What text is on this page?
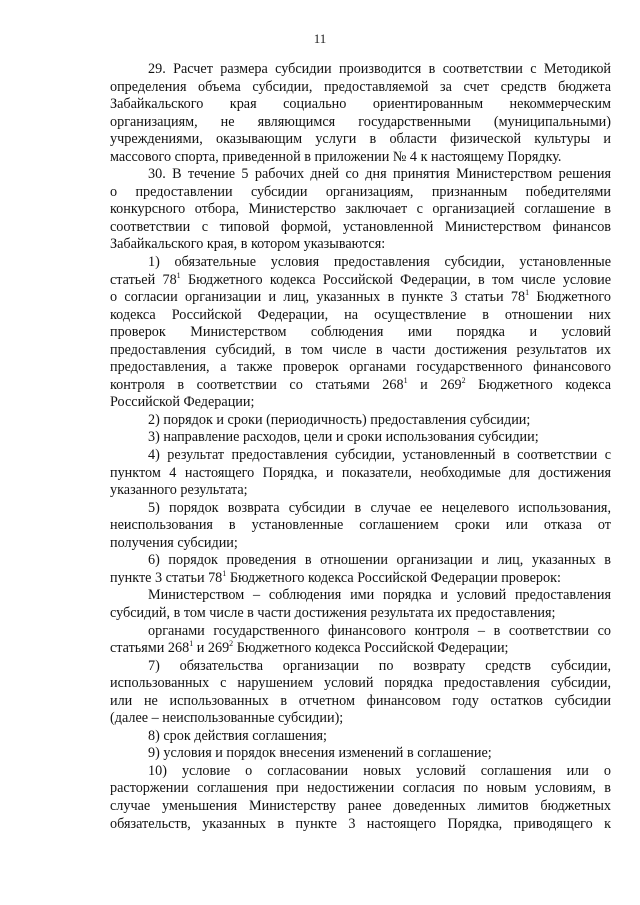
11
29. Расчет размера субсидии производится в соответствии с Методикой
определения объема субсидии, предоставляемой за счет средств бюджета
Забайкальского края социально ориентированным некоммерческим
организациям, не являющимся государственными (муниципальными)
учреждениями, оказывающим услуги в области физической культуры и
массового спорта, приведенной в приложении № 4 к настоящему Порядку.
30. В течение 5 рабочих дней со дня принятия Министерством решения
о предоставлении субсидии организациям, признанным победителями
конкурсного отбора, Министерство заключает с организацией соглашение в
соответствии с типовой формой, установленной Министерством финансов
Забайкальского края, в котором указываются:
1) обязательные условия предоставления субсидии, установленные
статьей $78^1$ Бюджетного кодекса Российской Федерации, в том числе условие
о согласии организации и лиц, указанных в пункте 3 статьи $78^1$ Бюджетного
кодекса Российской Федерации, на осуществление в отношении них
проверок Министерством соблюдения ими порядка и условий
предоставления субсидий, в том числе в части достижения результатов их
предоставления, а также проверок органами государственного финансового
контроля в соответствии со статьями $268^1$ и $269^2$ Бюджетного кодекса
Российской Федерации;
2) порядок и сроки (периодичность) предоставления субсидии;
3) направление расходов, цели и сроки использования субсидии;
4) результат предоставления субсидии, установленный в соответствии с
пунктом 4 настоящего Порядка, и показатели, необходимые для достижения
указанного результата;
5) порядок возврата субсидии в случае ее нецелевого использования,
неиспользования в установленные соглашением сроки или отказа от
получения субсидии;
6) порядок проведения в отношении организации и лиц, указанных в
пункте 3 статьи $78^1$ Бюджетного кодекса Российской Федерации проверок:
Министерством – соблюдения ими порядка и условий предоставления
субсидий, в том числе в части достижения результата их предоставления;
органами государственного финансового контроля – в соответствии со
статьями $268^1$ и $269^2$ Бюджетного кодекса Российской Федерации;
7) обязательства организации по возврату средств субсидии,
использованных с нарушением условий порядка предоставления субсидии,
или не использованных в отчетном финансовом году остатков субсидии
(далее – неиспользованные субсидии);
8) срок действия соглашения;
9) условия и порядок внесения изменений в соглашение;
10) условие о согласовании новых условий соглашения или о
расторжении соглашения при недостижении согласия по новым условиям, в
случае уменьшения Министерству ранее доведенных лимитов бюджетных
обязательств, указанных в пункте 3 настоящего Порядка, приводящего к
